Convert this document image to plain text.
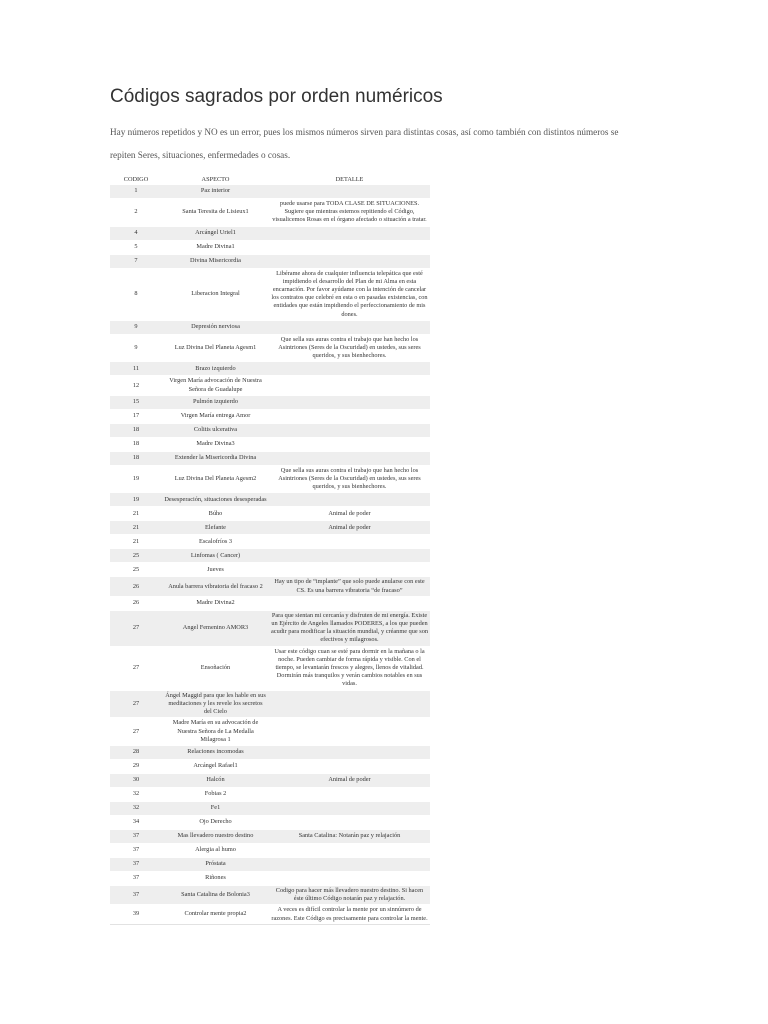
Códigos sagrados por orden numéricos

Hay números repetidos y NO es un error, pues los mismos números sirven para distintas cosas, así como también con distintos números se repiten Seres, situaciones, enfermedades o cosas.

CODIGO	ASPECTO	DETALLE
1	Paz interior	
2	Santa Teresita de Lisieux1	puede usarse para TODA CLASE DE SITUACIONES. Sugiere que mientras estemos repitiendo el Código, visualicemos Rosas en el órgano afectado o situación a tratar.
4	Arcángel Uriel1	
5	Madre Divina1	
7	Divina Misericordia	
8	Liberacion Integral	Libérame ahora de cualquier influencia telepática que esté impidiendo el desarrollo del Plan de mi Alma en esta encarnación. Por favor ayúdame con la intención de cancelar los contratos que celebré en esta o en pasadas existencias, con entidades que están impidiendo el perfeccionamiento de mis dones.
9	Depresión nerviosa	
9	Luz Divina Del Planeta Agesm1	Que sella sus auras contra el trabajo que han hecho los Asintriones (Seres de la Oscuridad) en ustedes, sus seres queridos, y sus bienhechores.
11	Brazo izquierdo	
12	Virgen María advocación de Nuestra Señora de Guadalupe	
15	Pulmón izquierdo	
17	Virgen María entrega Amor	
18	Colitis ulcerativa	
18	Madre Divina3	
18	Extender la Misericordia Divina	
19	Luz Divina Del Planeta Agesm2	Que sella sus auras contra el trabajo que han hecho los Asintriones (Seres de la Oscuridad) en ustedes, sus seres queridos, y sus bienhechores.
19	Desesperación, situaciones desesperadas	
21	Búho	Animal de poder
21	Elefante	Animal de poder
21	Escalofríos 3	
25	Linfomas ( Cancer)	
25	Jueves	
26	Anula barrera vibratoria del fracaso 2	Hay un tipo de “implante” que solo puede anularse con este CS. Es una barrera vibratoria “de fracaso”
26	Madre Divina2	
27	Angel Femenino AMOR3	Para que sientan mi cercanía y disfruten de mi energía. Existe un Ejército de Angeles llamados PODERES, a los que pueden acudir para modificar la situación mundial, y créanme que son efectivos y milagrosos.
27	Ensoñación	Usar este código cuan se esté para dormir en la mañana o la noche. Pueden cambiar de forma rápida y visible. Con el tiempo, se levantarán frescos y alegres, llenos de vitalidad. Dormirán más tranquilos y verán cambios notables en sus vidas.
27	Ángel Maggid para que les hable en sus meditaciones y les revele los secretos del Cielo	
27	Madre María en su advocación de Nuestra Señora de La Medalla Milagrosa 1	
28	Relaciones incomodas	
29	Arcángel Rafael1	
30	Halcón	Animal de poder
32	Fobias 2	
32	Fe1	
34	Ojo Derecho	
37	Mas llevadero nuestro destino	Santa Catalina: Notarán paz y relajación
37	Alergia al humo	
37	Próstata	
37	Riñones	
37	Santa Catalina de Bolonia3	Codigo para hacer más llevadero nuestro destino. Si hacen éste último Código notarán paz y relajación.
39	Controlar mente propia2	A veces es difícil controlar la mente por un sinnúmero de razones. Este Código es precisamente para controlar la mente.
